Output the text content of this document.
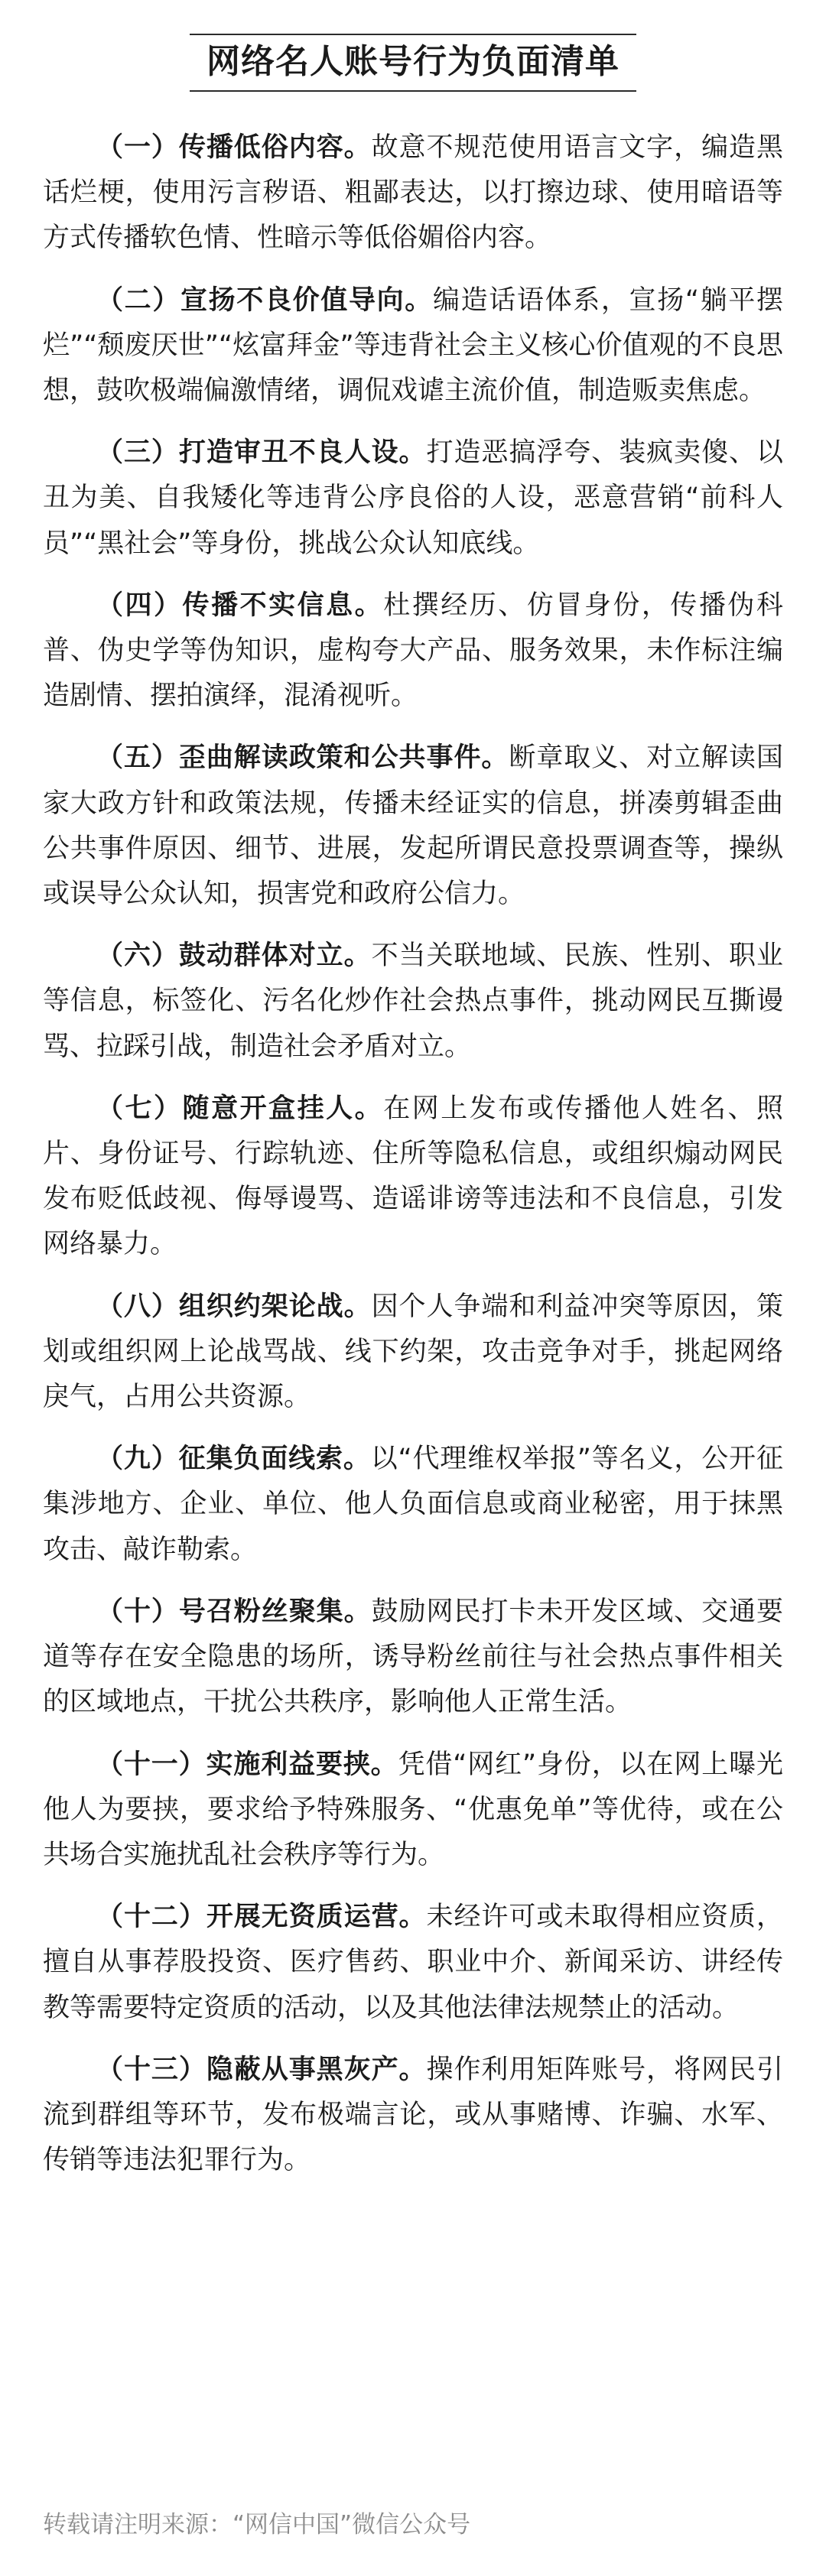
网络名人账号行为负面清单

（一）传播低俗内容。故意不规范使用语言文字，编造黑话烂梗，使用污言秽语、粗鄙表达，以打擦边球、使用暗语等方式传播软色情、性暗示等低俗媚俗内容。

（二）宣扬不良价值导向。编造话语体系，宣扬“躺平摆烂”“颓废厌世”“炫富拜金”等违背社会主义核心价值观的不良思想，鼓吹极端偏激情绪，调侃戏谑主流价值，制造贩卖焦虑。

（三）打造审丑不良人设。打造恶搞浮夸、装疯卖傻、以丑为美、自我矮化等违背公序良俗的人设，恶意营销“前科人员”“黑社会”等身份，挑战公众认知底线。

（四）传播不实信息。杜撰经历、仿冒身份，传播伪科普、伪史学等伪知识，虚构夸大产品、服务效果，未作标注编造剧情、摆拍演绎，混淆视听。

（五）歪曲解读政策和公共事件。断章取义、对立解读国家大政方针和政策法规，传播未经证实的信息，拼凑剪辑歪曲公共事件原因、细节、进展，发起所谓民意投票调查等，操纵或误导公众认知，损害党和政府公信力。

（六）鼓动群体对立。不当关联地域、民族、性别、职业等信息，标签化、污名化炒作社会热点事件，挑动网民互撕谩骂、拉踩引战，制造社会矛盾对立。

（七）随意开盒挂人。在网上发布或传播他人姓名、照片、身份证号、行踪轨迹、住所等隐私信息，或组织煽动网民发布贬低歧视、侮辱谩骂、造谣诽谤等违法和不良信息，引发网络暴力。

（八）组织约架论战。因个人争端和利益冲突等原因，策划或组织网上论战骂战、线下约架，攻击竞争对手，挑起网络戾气，占用公共资源。

（九）征集负面线索。以“代理维权举报”等名义，公开征集涉地方、企业、单位、他人负面信息或商业秘密，用于抹黑攻击、敲诈勒索。

（十）号召粉丝聚集。鼓励网民打卡未开发区域、交通要道等存在安全隐患的场所，诱导粉丝前往与社会热点事件相关的区域地点，干扰公共秩序，影响他人正常生活。

（十一）实施利益要挟。凭借“网红”身份，以在网上曝光他人为要挟，要求给予特殊服务、“优惠免单”等优待，或在公共场合实施扰乱社会秩序等行为。

（十二）开展无资质运营。未经许可或未取得相应资质，擅自从事荐股投资、医疗售药、职业中介、新闻采访、讲经传教等需要特定资质的活动，以及其他法律法规禁止的活动。

（十三）隐蔽从事黑灰产。操作利用矩阵账号，将网民引流到群组等环节，发布极端言论，或从事赌博、诈骗、水军、传销等违法犯罪行为。

转载请注明来源：“网信中国”微信公众号
